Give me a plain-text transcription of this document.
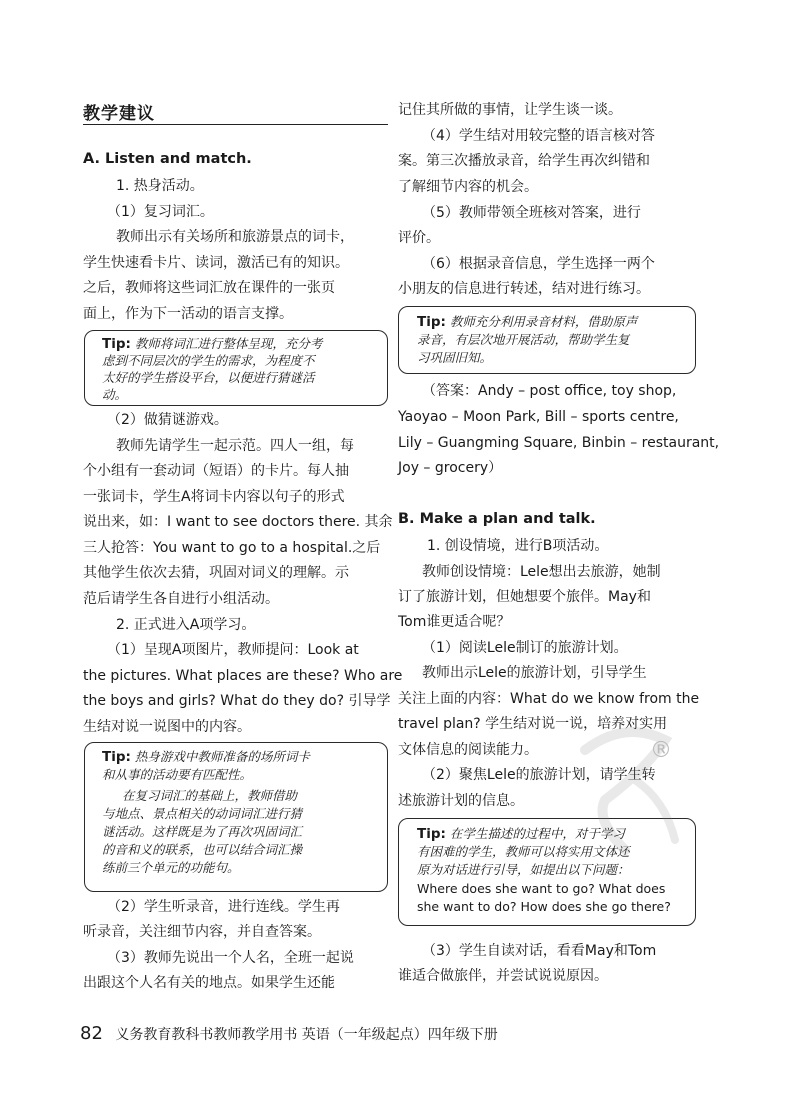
教学建议
A. Listen and match.
1. 热身活动。
（1）复习词汇。
教师出示有关场所和旅游景点的词卡，
学生快速看卡片、读词，激活已有的知识。
之后，教师将这些词汇放在课件的一张页
面上，作为下一活动的语言支撑。
Tip: 教师将词汇进行整体呈现，充分考
虑到不同层次的学生的需求，为程度不
太好的学生搭设平台，以便进行猜谜活
动。
（2）做猜谜游戏。
教师先请学生一起示范。四人一组，每
个小组有一套动词（短语）的卡片。每人抽
一张词卡，学生A将词卡内容以句子的形式
说出来，如：I want to see doctors there. 其余
三人抢答：You want to go to a hospital.之后
其他学生依次去猜，巩固对词义的理解。示
范后请学生各自进行小组活动。
2. 正式进入A项学习。
（1）呈现A项图片，教师提问：Look at
the pictures. What places are these? Who are
the boys and girls? What do they do? 引导学
生结对说一说图中的内容。
Tip: 热身游戏中教师准备的场所词卡
和从事的活动要有匹配性。
在复习词汇的基础上，教师借助
与地点、景点相关的动词词汇进行猜
谜活动。这样既是为了再次巩固词汇
的音和义的联系，也可以结合词汇操
练前三个单元的功能句。
（2）学生听录音，进行连线。学生再
听录音，关注细节内容，并自查答案。
（3）教师先说出一个人名，全班一起说
出跟这个人名有关的地点。如果学生还能
记住其所做的事情，让学生谈一谈。
（4）学生结对用较完整的语言核对答
案。第三次播放录音，给学生再次纠错和
了解细节内容的机会。
（5）教师带领全班核对答案，进行
评价。
（6）根据录音信息，学生选择一两个
小朋友的信息进行转述，结对进行练习。
Tip: 教师充分利用录音材料，借助原声
录音，有层次地开展活动，帮助学生复
习巩固旧知。
（答案：Andy – post office, toy shop,
Yaoyao – Moon Park, Bill – sports centre,
Lily – Guangming Square, Binbin – restaurant,
Joy – grocery）
B. Make a plan and talk.
1. 创设情境，进行B项活动。
教师创设情境：Lele想出去旅游，她制
订了旅游计划，但她想要个旅伴。May和
Tom谁更适合呢？
（1）阅读Lele制订的旅游计划。
教师出示Lele的旅游计划，引导学生
关注上面的内容：What do we know from the
travel plan? 学生结对说一说，培养对实用
文体信息的阅读能力。
（2）聚焦Lele的旅游计划，请学生转
述旅游计划的信息。
Tip: 在学生描述的过程中，对于学习
有困难的学生，教师可以将实用文体还
原为对话进行引导，如提出以下问题：
Where does she want to go? What does
she want to do? How does she go there?
（3）学生自读对话，看看May和Tom
谁适合做旅伴，并尝试说说原因。
®
82 义务教育教科书教师教学用书 英语（一年级起点）四年级下册
